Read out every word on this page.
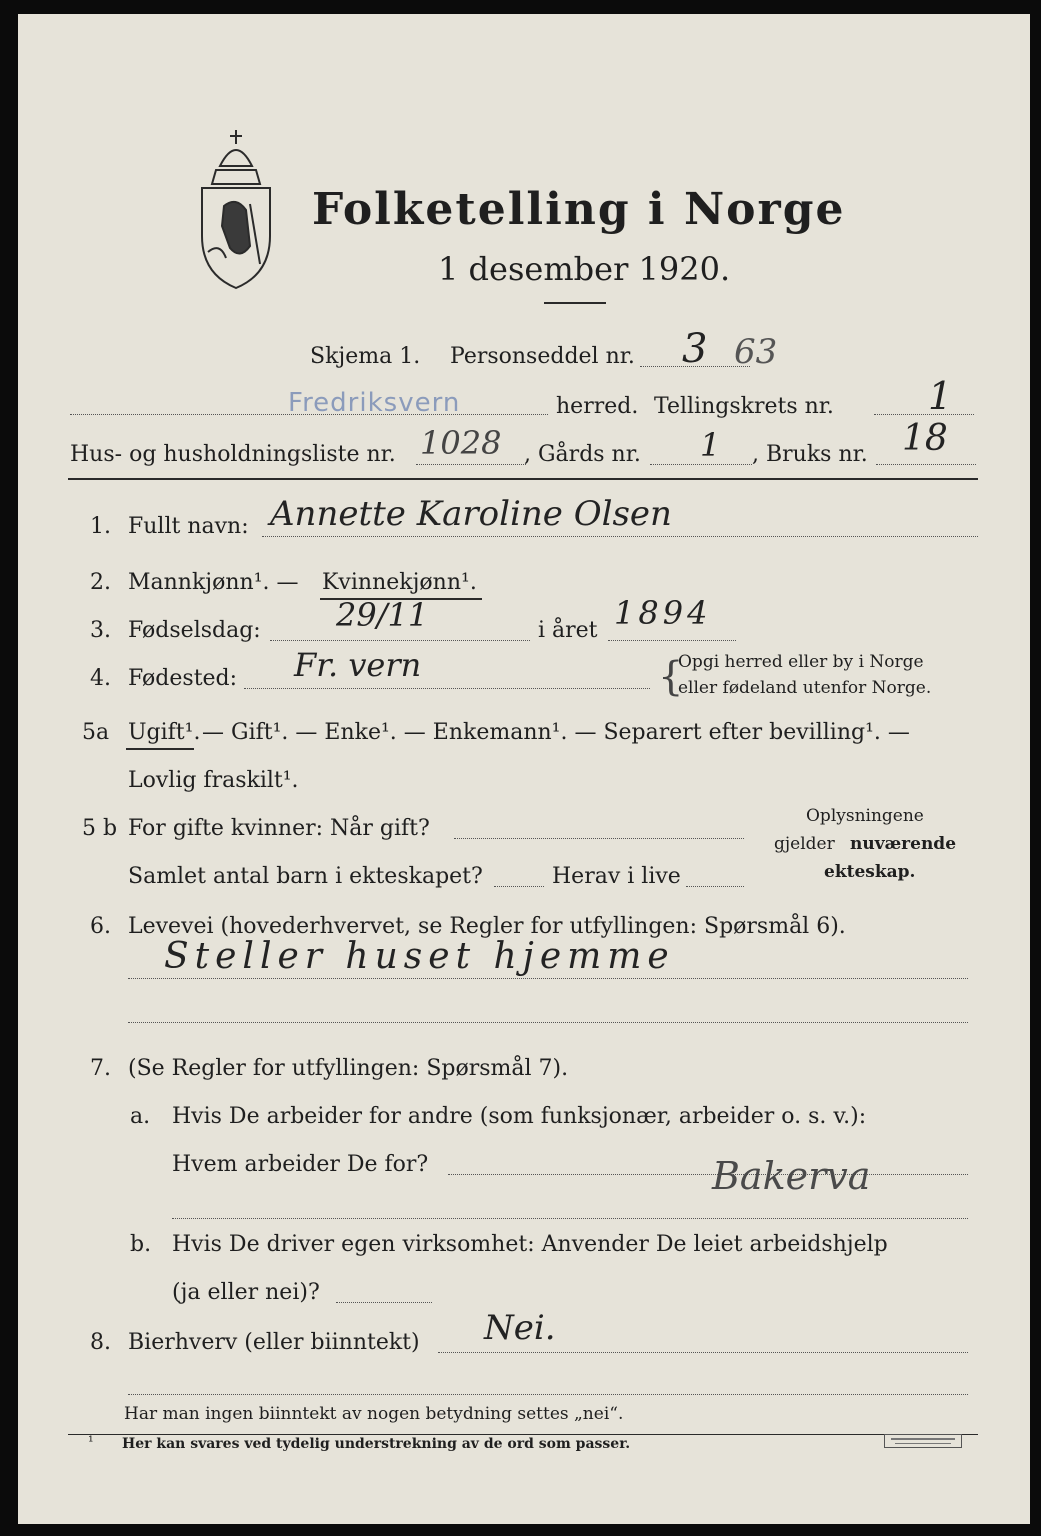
Folketelling i Norge
1 desember 1920.
Skjema 1. Personseddel nr. 3 63
Fredriksvern	herred. Tellingskrets nr. 1
Hus- og husholdningsliste nr. 1028 , Gårds nr. 1 , Bruks nr. 18
1. Fullt navn: Annette Karoline Olsen
2. Mannkjønn¹. — Kvinnekjønn¹.
3. Fødselsdag: 29/11	i året 1894
4. Fødested: Fr. vern	{
Opgi herred eller by i Norge
eller fødeland utenfor Norge.
5a Ugift¹. — Gift¹. — Enke¹. — Enkemann¹. — Separert efter bevilling¹. —
Lovlig fraskilt¹.
5 b For gifte kvinner: Når gift?
Samlet antal barn i ekteskapet?	Herav i live
Oplysningene
gjelder nuværende
ekteskap.
6. Levevei (hovederhvervet, se Regler for utfyllingen: Spørsmål 6).
Steller huset hjemme
7. (Se Regler for utfyllingen: Spørsmål 7).
a. Hvis De arbeider for andre (som funksjonær, arbeider o. s. v.):
Hvem arbeider De for?	Bakerva
b. Hvis De driver egen virksomhet: Anvender De leiet arbeidshjelp
(ja eller nei)?
8. Bierhverv (eller biinntekt) Nei.
Har man ingen biinntekt av nogen betydning settes „nei“.
¹ Her kan svares ved tydelig understrekning av de ord som passer.
